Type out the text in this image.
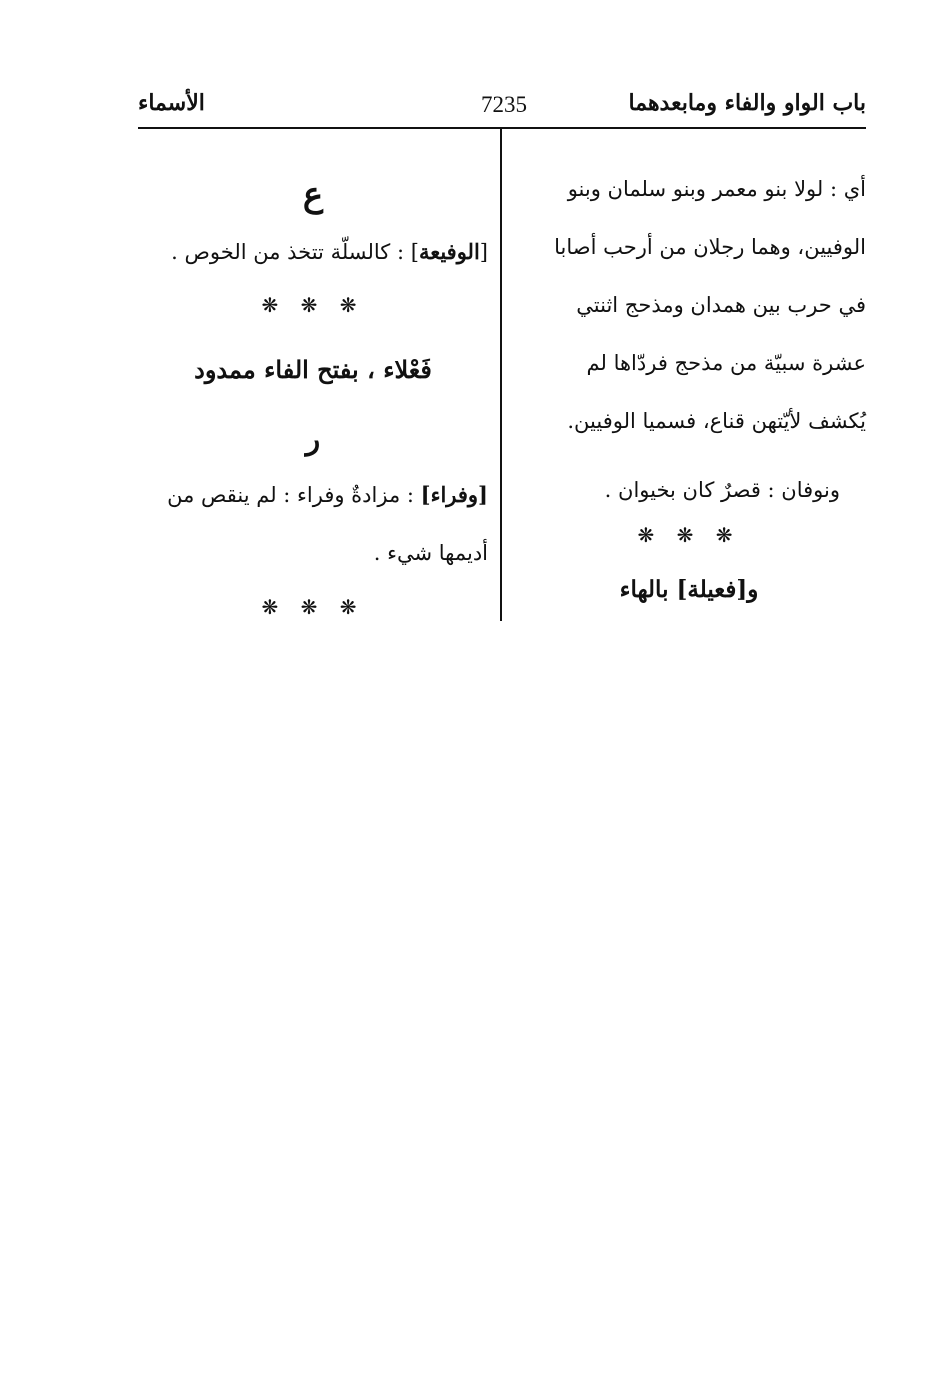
باب الواو والفاء ومابعدهما
7235
الأسماء
أي : لولا بنو معمر وبنو سلمان وبنو
الوفيين، وهما رجلان من أرحب أصابا
في حرب بين همدان ومذحج اثنتي
عشرة سبيّة من مذحج فردّاها لم
يُكشف لأيّتهن قناع، فسميا الوفيين.
ونوفان : قصرٌ كان بخيوان .
❋ ❋ ❋
و[فعيلة] بالهاء
ع
[الوفيعة] : كالسلّة تتخذ من الخوص .
❋ ❋ ❋
فَعْلاء ، بفتح الفاء ممدود
ر
[وفراء] : مزادةٌ وفراء : لم ينقص من
أديمها شيء .
❋ ❋ ❋
